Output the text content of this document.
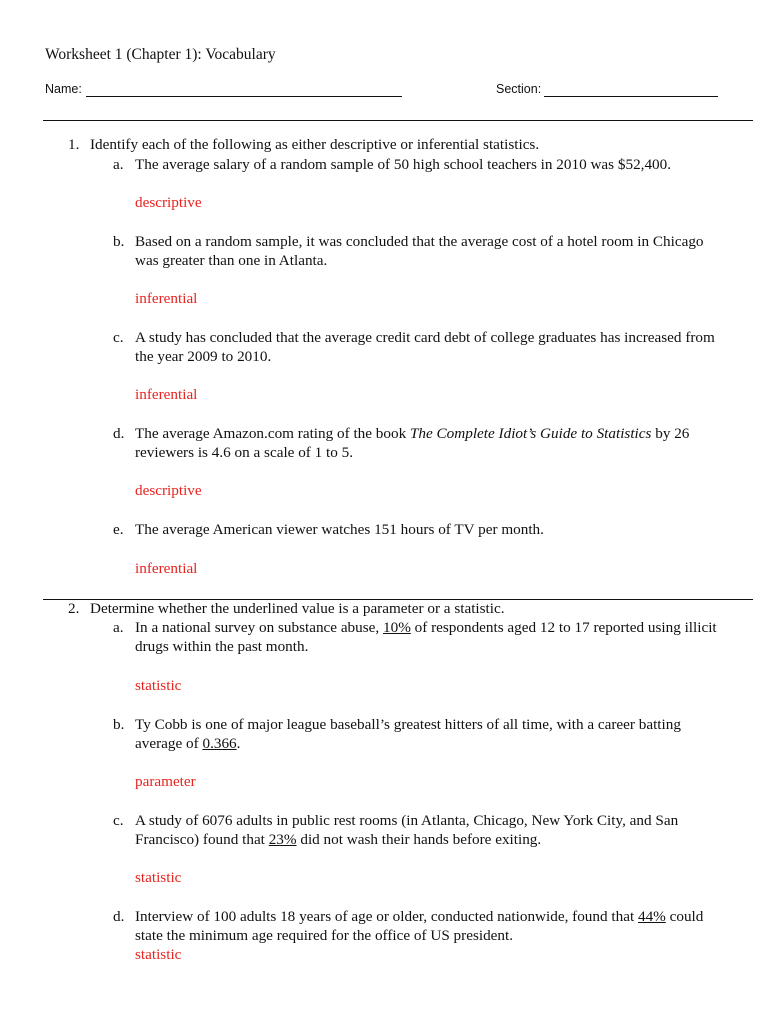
Worksheet 1 (Chapter 1): Vocabulary
Name:	Section:
1. Identify each of the following as either descriptive or inferential statistics.
a. The average salary of a random sample of 50 high school teachers in 2010 was $52,400.
descriptive
b. Based on a random sample, it was concluded that the average cost of a hotel room in Chicago
was greater than one in Atlanta.
inferential
c. A study has concluded that the average credit card debt of college graduates has increased from
the year 2009 to 2010.
inferential
d. The average Amazon.com rating of the book The Complete Idiot’s Guide to Statistics by 26
reviewers is 4.6 on a scale of 1 to 5.
descriptive
e. The average American viewer watches 151 hours of TV per month.
inferential
2. Determine whether the underlined value is a parameter or a statistic.
a. In a national survey on substance abuse, 10% of respondents aged 12 to 17 reported using illicit
drugs within the past month.
statistic
b. Ty Cobb is one of major league baseball’s greatest hitters of all time, with a career batting
average of 0.366.
parameter
c. A study of 6076 adults in public rest rooms (in Atlanta, Chicago, New York City, and San
Francisco) found that 23% did not wash their hands before exiting.
statistic
d. Interview of 100 adults 18 years of age or older, conducted nationwide, found that 44% could
state the minimum age required for the office of US president.
statistic
